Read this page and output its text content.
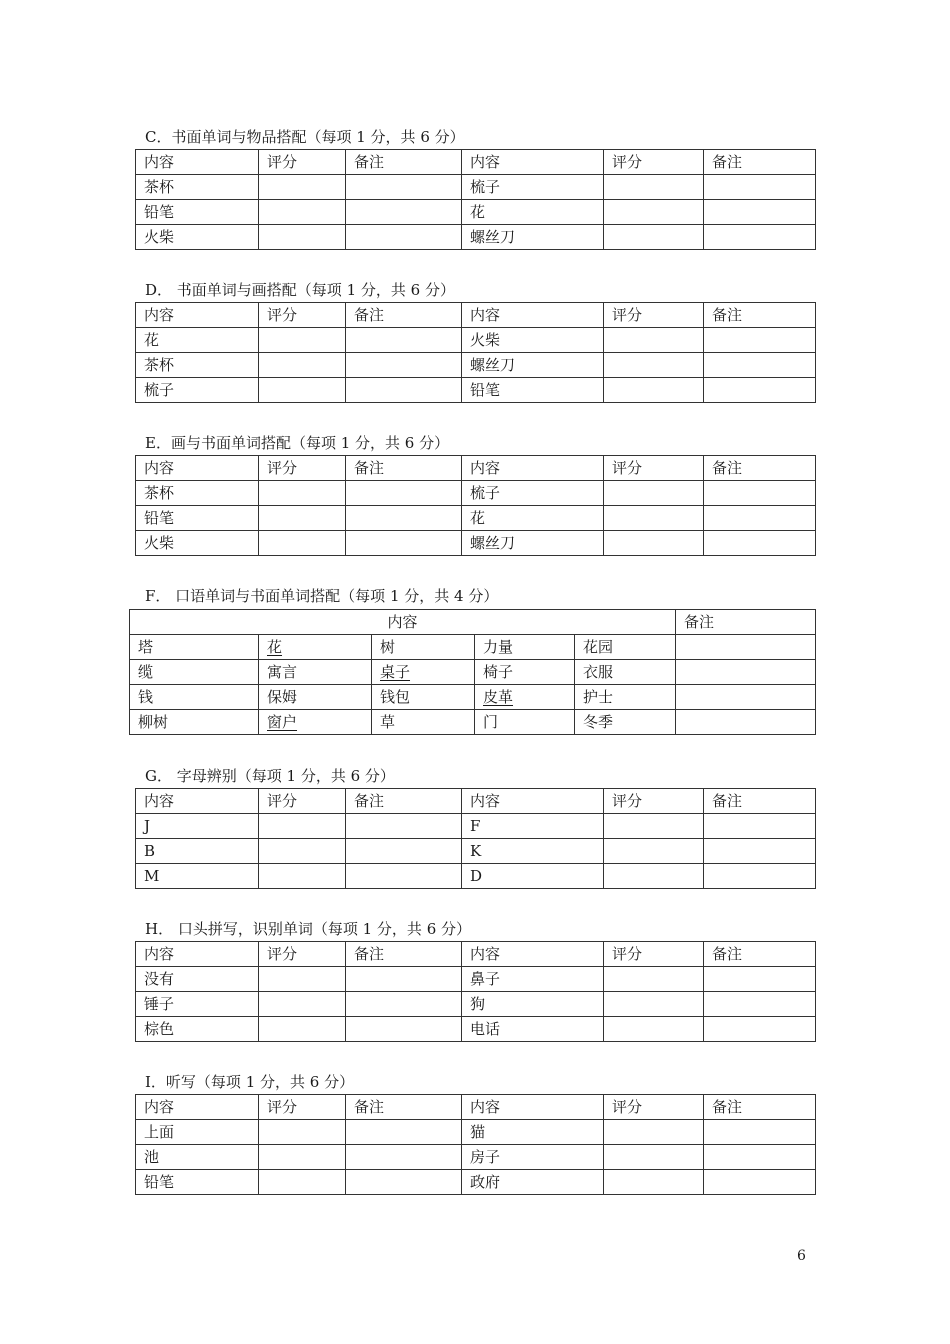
C．书面单词与物品搭配（每项 1 分，共 6 分）
内容	评分	备注	内容	评分	备注
茶杯			梳子		
铅笔			花		
火柴			螺丝刀		
D． 书面单词与画搭配（每项 1 分，共 6 分）
内容	评分	备注	内容	评分	备注
花			火柴		
茶杯			螺丝刀		
梳子			铅笔		
E．画与书面单词搭配（每项 1 分，共 6 分）
内容	评分	备注	内容	评分	备注
茶杯			梳子		
铅笔			花		
火柴			螺丝刀		
F． 口语单词与书面单词搭配（每项 1 分，共 4 分）
内容					备注
塔	花	树	力量	花园	
缆	寓言	桌子	椅子	衣服	
钱	保姆	钱包	皮革	护士	
柳树	窗户	草	门	冬季	
G． 字母辨别（每项 1 分，共 6 分）
内容	评分	备注	内容	评分	备注
J			F		
B			K		
M			D		
H． 口头拼写，识别单词（每项 1 分，共 6 分）
内容	评分	备注	内容	评分	备注
没有			鼻子		
锤子			狗		
棕色			电话		
I．听写（每项 1 分，共 6 分）
内容	评分	备注	内容	评分	备注
上面			猫		
池			房子		
铅笔			政府		
6
